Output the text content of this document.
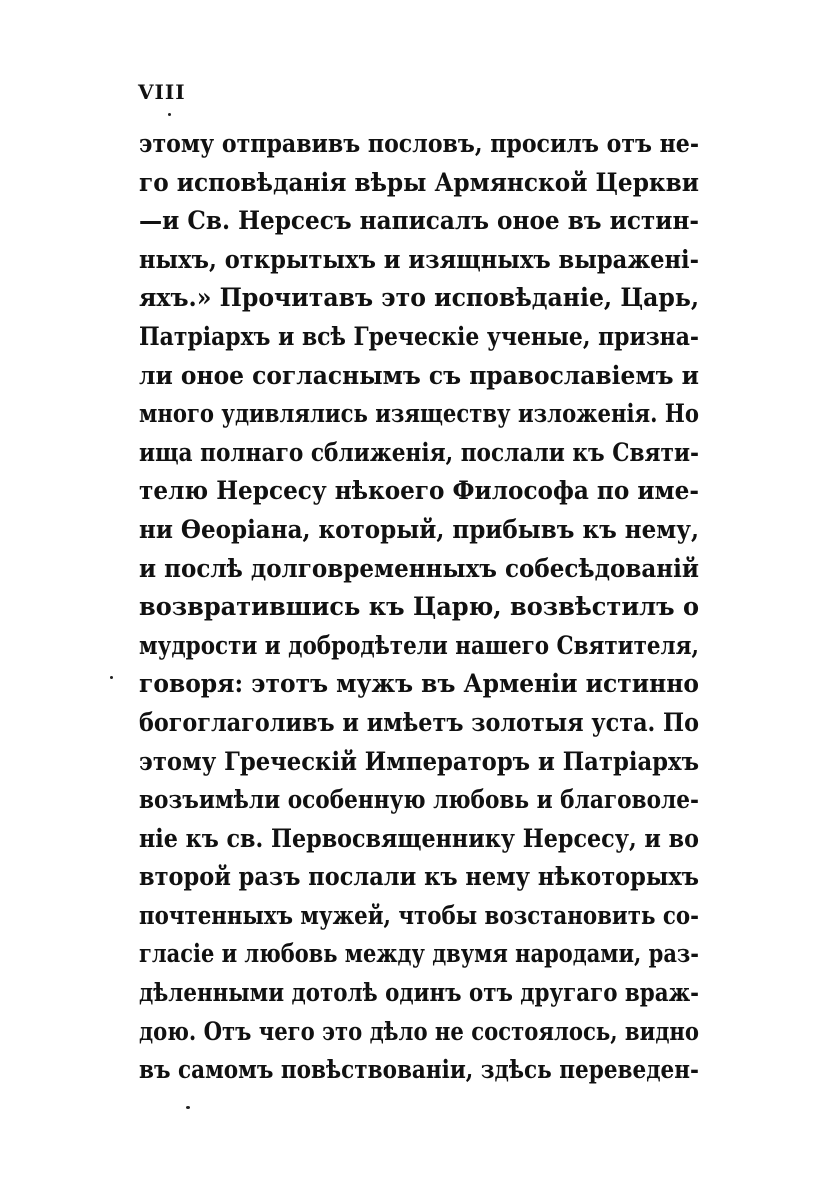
VIII
этому отправивъ пословъ, просилъ отъ не-
го исповѣданія вѣры Армянской Церкви
—и Св. Нерсесъ написалъ оное въ истин-
ныхъ, открытыхъ и изящныхъ выраженi-
яхъ.» Прочитавъ это исповѣданіе, Царь,
Патріархъ и всѣ Греческіе ученые, призна-
ли оное согласнымъ съ православіемъ и
много удивлялись изяществу изложенія. Но
ища полнаго сближенія, послали къ Святи-
телю Нерсесу нѣкоего Философа по име-
ни Ѳеоріана, который, прибывъ къ нему,
и послѣ долговременныхъ собесѣдованій
возвратившись къ Царю, возвѣстилъ о
мудрости и добродѣтели нашего Святителя,
говоря: этотъ мужъ въ Арменіи истинно
богоглаголивъ и имѣетъ золотыя уста. По
этому Греческій Императоръ и Патріархъ
возъимѣли особенную любовь и благоволе-
ніе къ св. Первосвященнику Нерсесу, и во
второй разъ послали къ нему нѣкоторыхъ
почтенныхъ мужей, чтобы возстановить со-
гласіе и любовь между двумя народами, раз-
дѣленными дотолѣ одинъ отъ другаго враж-
дою. Отъ чего это дѣло не состоялось, видно
въ самомъ повѣствованіи, здѣсь переведен-
